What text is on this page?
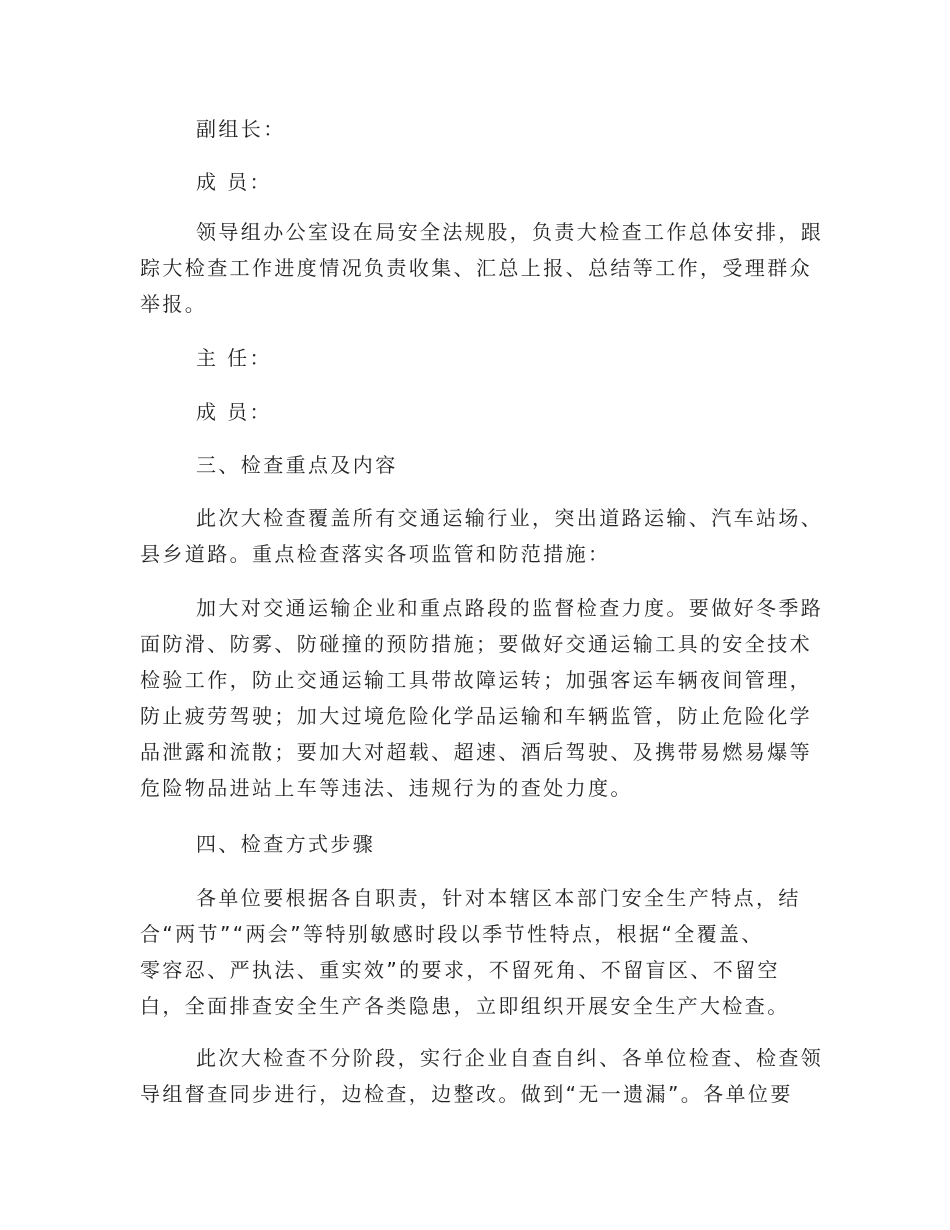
副组长：
成 员：
领导组办公室设在局安全法规股，负责大检查工作总体安排，跟
踪大检查工作进度情况负责收集、汇总上报、总结等工作，受理群众
举报。
主 任：
成 员：
三、检查重点及内容
此次大检查覆盖所有交通运输行业，突出道路运输、汽车站场、
县乡道路。重点检查落实各项监管和防范措施：
加大对交通运输企业和重点路段的监督检查力度。要做好冬季路
面防滑、防雾、防碰撞的预防措施；要做好交通运输工具的安全技术
检验工作，防止交通运输工具带故障运转；加强客运车辆夜间管理，
防止疲劳驾驶；加大过境危险化学品运输和车辆监管，防止危险化学
品泄露和流散；要加大对超载、超速、酒后驾驶、及携带易燃易爆等
危险物品进站上车等违法、违规行为的查处力度。
四、检查方式步骤
各单位要根据各自职责，针对本辖区本部门安全生产特点，结
合“两节”“两会”等特别敏感时段以季节性特点，根据“全覆盖、
零容忍、严执法、重实效”的要求，不留死角、不留盲区、不留空
白，全面排查安全生产各类隐患，立即组织开展安全生产大检查。
此次大检查不分阶段，实行企业自查自纠、各单位检查、检查领
导组督查同步进行，边检查，边整改。做到“无一遗漏”。各单位要
